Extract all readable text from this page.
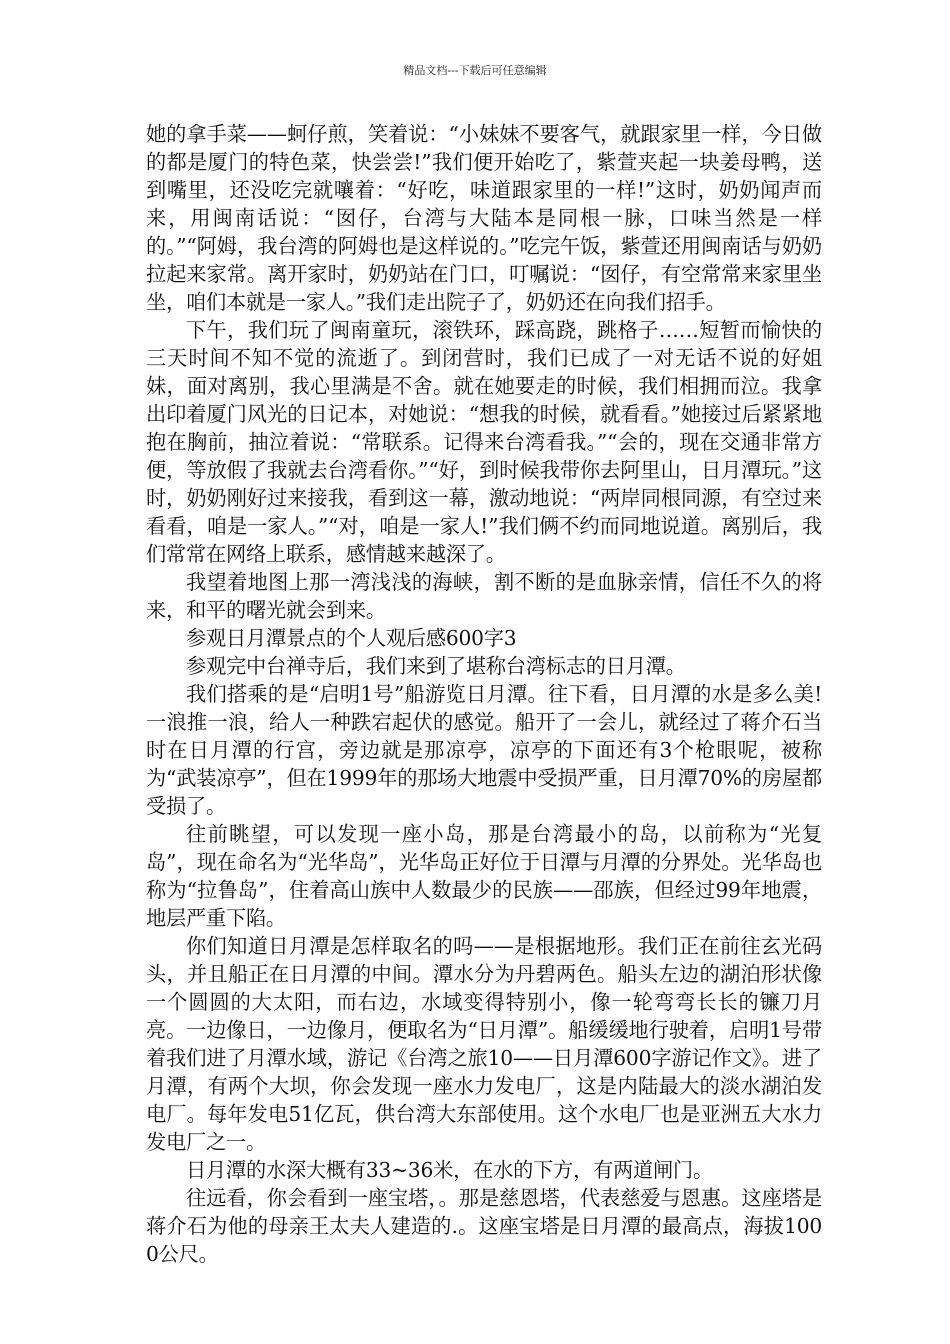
精品文档---下载后可任意编辑

她的拿手菜——蚵仔煎，笑着说：“小妹妹不要客气，就跟家里一样，今日做的都是厦门的特色菜，快尝尝!”我们便开始吃了，紫萱夹起一块姜母鸭，送到嘴里，还没吃完就嚷着：“好吃，味道跟家里的一样!”这时，奶奶闻声而来，用闽南话说：“囡仔，台湾与大陆本是同根一脉，口味当然是一样的。”“阿姆，我台湾的阿姆也是这样说的。”吃完午饭，紫萱还用闽南话与奶奶拉起来家常。离开家时，奶奶站在门口，叮嘱说：“囡仔，有空常常来家里坐坐，咱们本就是一家人。”我们走出院子了，奶奶还在向我们招手。

下午，我们玩了闽南童玩，滚铁环，踩高跷，跳格子……短暂而愉快的三天时间不知不觉的流逝了。到闭营时，我们已成了一对无话不说的好姐妹，面对离别，我心里满是不舍。就在她要走的时候，我们相拥而泣。我拿出印着厦门风光的日记本，对她说：“想我的时候，就看看。”她接过后紧紧地抱在胸前，抽泣着说：“常联系。记得来台湾看我。”“会的，现在交通非常方便，等放假了我就去台湾看你。”“好，到时候我带你去阿里山，日月潭玩。”这时，奶奶刚好过来接我，看到这一幕，激动地说：“两岸同根同源，有空过来看看，咱是一家人。”“对，咱是一家人!”我们俩不约而同地说道。离别后，我们常常在网络上联系，感情越来越深了。

我望着地图上那一湾浅浅的海峡，割不断的是血脉亲情，信任不久的将来，和平的曙光就会到来。

参观日月潭景点的个人观后感600字3

参观完中台禅寺后，我们来到了堪称台湾标志的日月潭。

我们搭乘的是“启明1号”船游览日月潭。往下看，日月潭的水是多么美!一浪推一浪，给人一种跌宕起伏的感觉。船开了一会儿，就经过了蒋介石当时在日月潭的行宫，旁边就是那凉亭，凉亭的下面还有3个枪眼呢，被称为“武装凉亭”，但在1999年的那场大地震中受损严重，日月潭70%的房屋都受损了。

往前眺望，可以发现一座小岛，那是台湾最小的岛，以前称为“光复岛”，现在命名为“光华岛”，光华岛正好位于日潭与月潭的分界处。光华岛也称为“拉鲁岛”，住着高山族中人数最少的民族——邵族，但经过99年地震，地层严重下陷。

你们知道日月潭是怎样取名的吗——是根据地形。我们正在前往玄光码头，并且船正在日月潭的中间。潭水分为丹碧两色。船头左边的湖泊形状像一个圆圆的大太阳，而右边，水域变得特别小，像一轮弯弯长长的镰刀月亮。一边像日，一边像月，便取名为“日月潭”。船缓缓地行驶着，启明1号带着我们进了月潭水域，游记《台湾之旅10——日月潭600字游记作文》。进了月潭，有两个大坝，你会发现一座水力发电厂，这是内陆最大的淡水湖泊发电厂。每年发电51亿瓦，供台湾大东部使用。这个水电厂也是亚洲五大水力发电厂之一。

日月潭的水深大概有33~36米，在水的下方，有两道闸门。

往远看，你会看到一座宝塔，。那是慈恩塔，代表慈爱与恩惠。这座塔是蒋介石为他的母亲王太夫人建造的.。这座宝塔是日月潭的最高点，海拔1000公尺。
